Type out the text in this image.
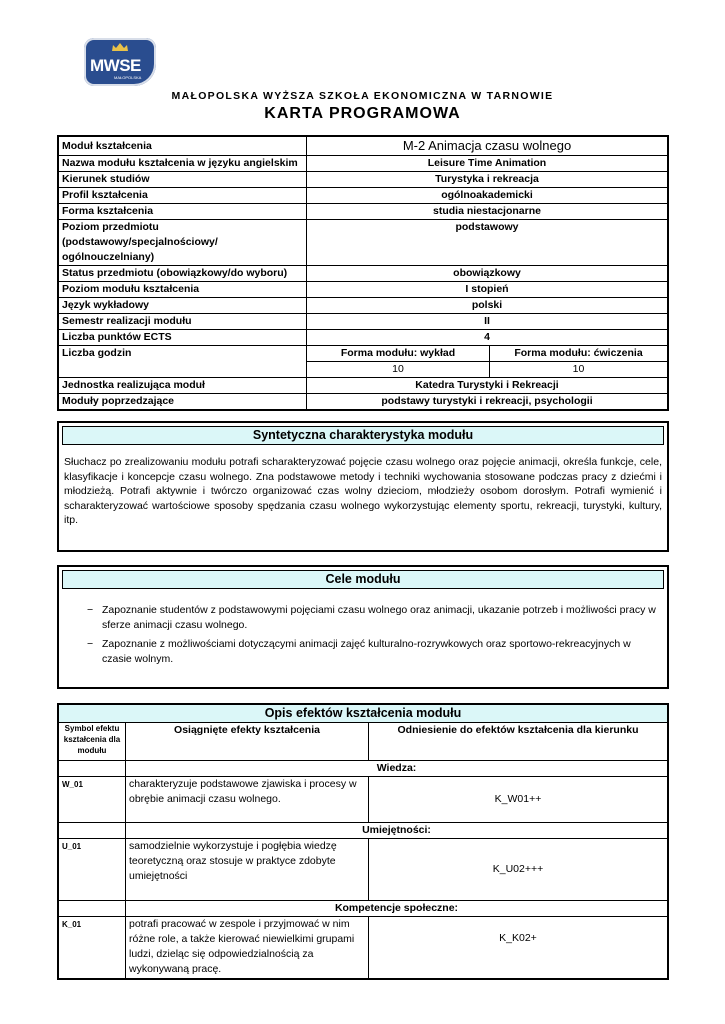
MWSE
MAŁOPOLSKA
MAŁOPOLSKA WYŻSZA SZKOŁA EKONOMICZNA W TARNOWIE
KARTA PROGRAMOWA
Moduł kształcenia	M-2 Animacja czasu wolnego	
Nazwa modułu kształcenia w języku angielskim	Leisure Time Animation	
Kierunek studiów	Turystyka i rekreacja	
Profil kształcenia	ogólnoakademicki	
Forma kształcenia	studia niestacjonarne	
Poziom przedmiotu (podstawowy/specjalnościowy/ ogólnouczelniany)	podstawowy	
Status przedmiotu (obowiązkowy/do wyboru)	obowiązkowy	
Poziom modułu kształcenia	I stopień	
Język wykładowy	polski	
Semestr realizacji modułu	II	
Liczba punktów ECTS	4	
Liczba godzin	Forma modułu: wykład	Forma modułu: ćwiczenia
	10	10
Jednostka realizująca moduł	Katedra Turystyki i Rekreacji	
Moduły poprzedzające	podstawy turystyki i rekreacji, psychologii	
Syntetyczna charakterystyka modułu

Słuchacz po zrealizowaniu modułu potrafi scharakteryzować pojęcie czasu wolnego oraz pojęcie animacji, określa funkcje, cele, klasyfikacje i koncepcje czasu wolnego. Zna podstawowe metody i techniki wychowania stosowane podczas pracy z dziećmi i młodzieżą. Potrafi aktywnie i twórczo organizować czas wolny dzieciom, młodzieży osobom dorosłym. Potrafi wymienić i scharakteryzować wartościowe sposoby spędzania czasu wolnego wykorzystując elementy sportu, rekreacji, turystyki, kultury, itp.

Cele modułu
− Zapoznanie studentów z podstawowymi pojęciami czasu wolnego oraz animacji, ukazanie potrzeb i możliwości pracy w sferze animacji czasu wolnego.
− Zapoznanie z możliwościami dotyczącymi animacji zajęć kulturalno-rozrywkowych oraz sportowo-rekreacyjnych w czasie wolnym.
Opis efektów kształcenia modułu		
Symbol efektu kształcenia dla modułu	Osiągnięte efekty kształcenia	Odniesienie do efektów kształcenia dla kierunku
	Wiedza:	
W_01	charakteryzuje podstawowe zjawiska i procesy w obrębie animacji czasu wolnego.	K_W01++
	Umiejętności:	
U_01	samodzielnie wykorzystuje i pogłębia wiedzę teoretyczną oraz stosuje w praktyce zdobyte umiejętności	K_U02+++
	Kompetencje społeczne:	
K_01	potrafi pracować w zespole i przyjmować w nim różne role, a także kierować niewielkimi grupami ludzi, dzieląc się odpowiedzialnością za wykonywaną pracę.	K_K02+
